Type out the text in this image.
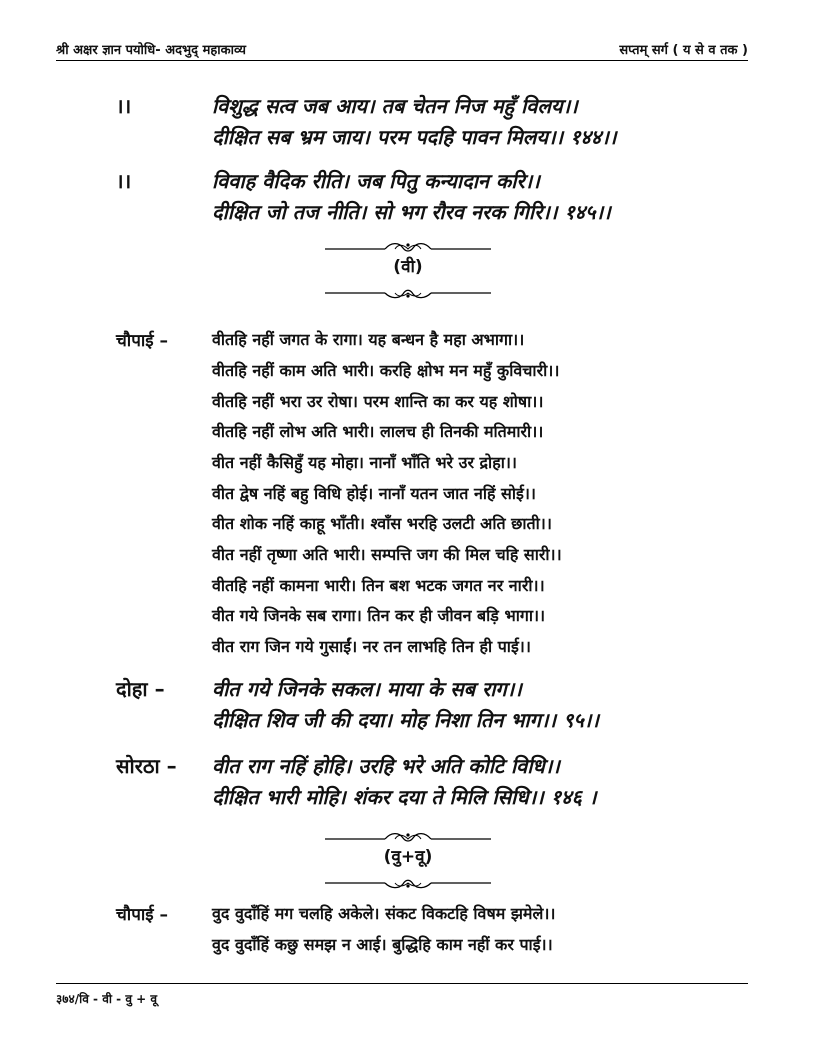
श्री अक्षर ज्ञान पयोधि- अदभुद् महाकाव्य	सप्तम् सर्ग ( य से व तक )
।।	विशुद्ध सत्व जब आय। तब चेतन निज महुँ विलय।।
दीक्षित सब भ्रम जाय। परम पदहि पावन मिलय।। १४४।।
।।	विवाह वैदिक रीति। जब पितु कन्यादान करि।।
दीक्षित जो तज नीति। सो भग रौरव नरक गिरि।। १४५।।
(वी)
चौपाई –	वीतहि नहीं जगत के रागा। यह बन्धन है महा अभागा।।
वीतहि नहीं काम अति भारी। करहि क्षोभ मन महुँ कुविचारी।।
वीतहि नहीं भरा उर रोषा। परम शान्ति का कर यह शोषा।।
वीतहि नहीं लोभ अति भारी। लालच ही तिनकी मतिमारी।।
वीत नहीं कैसिहुँ यह मोहा। नानाँ भाँति भरे उर द्रोहा।।
वीत द्वेष नहिं बहु विधि होई। नानाँ यतन जात नहिं सोई।।
वीत शोक नहिं काहू भाँती। श्वाँस भरहि उलटी अति छाती।।
वीत नहीं तृष्णा अति भारी। सम्पत्ति जग की मिल चहि सारी।।
वीतहि नहीं कामना भारी। तिन बश भटक जगत नर नारी।।
वीत गये जिनके सब रागा। तिन कर ही जीवन बड़ि भागा।।
वीत राग जिन गये गुसाईं। नर तन लाभहि तिन ही पाई।।
दोहा – वीत गये जिनके सकल। माया के सब राग।।
दीक्षित शिव जी की दया। मोह निशा तिन भाग।। ९५।।
सोरठा – वीत राग नहिं होहि। उरहि भरे अति कोटि विधि।।
दीक्षित भारी मोहि। शंकर दया ते मिलि सिधि।। १४६ ।
(वु+वू)
चौपाई –	वुद वुदाँहिं मग चलहि अकेले। संकट विकटहि विषम झमेले।।
वुद वुदाँहिं कछु समझ न आई। बुद्धिहि काम नहीं कर पाई।।
३७४/वि - वी - वु + वू
